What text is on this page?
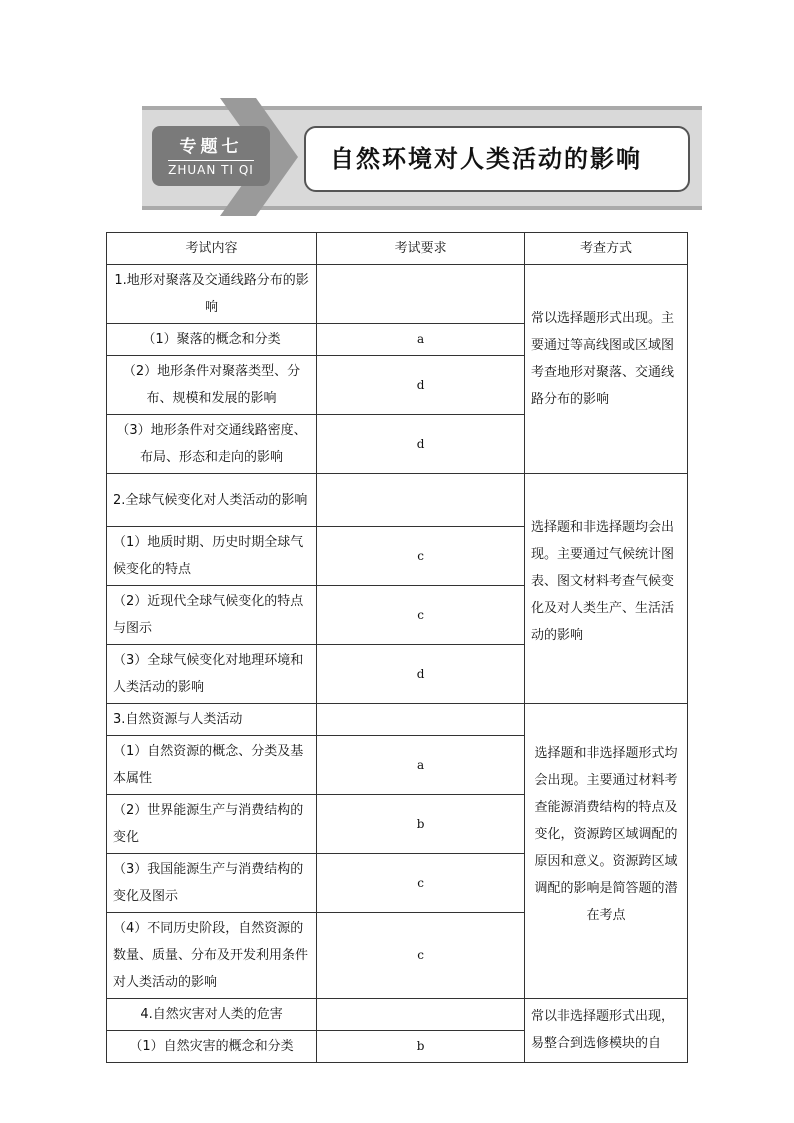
专题七
ZHUAN TI QI	自然环境对人类活动的影响
考试内容	考试要求	考查方式
1.地形对聚落及交通线路分布的影响		常以选择题形式出现。主要通过等高线图或区域图考查地形对聚落、交通线路分布的影响
（1）聚落的概念和分类	a	
（2）地形条件对聚落类型、分布、规模和发展的影响	d	
（3）地形条件对交通线路密度、布局、形态和走向的影响	d	
2.全球气候变化对人类活动的影响		选择题和非选择题均会出现。主要通过气候统计图表、图文材料考查气候变化及对人类生产、生活活动的影响
（1）地质时期、历史时期全球气候变化的特点	c	
（2）近现代全球气候变化的特点与图示	c	
（3）全球气候变化对地理环境和人类活动的影响	d	
3.自然资源与人类活动		选择题和非选择题形式均会出现。主要通过材料考查能源消费结构的特点及变化，资源跨区域调配的原因和意义。资源跨区域调配的影响是简答题的潜在考点
（1）自然资源的概念、分类及基本属性	a	
（2）世界能源生产与消费结构的变化	b	
（3）我国能源生产与消费结构的变化及图示	c	
（4）不同历史阶段，自然资源的数量、质量、分布及开发利用条件对人类活动的影响	c	
4.自然灾害对人类的危害		常以非选择题形式出现，易整合到选修模块的自
（1）自然灾害的概念和分类	b	
